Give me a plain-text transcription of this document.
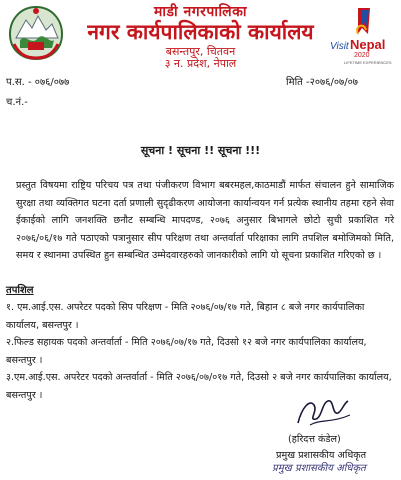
माडी नगरपालिका
नगर कार्यपालिकाको कार्यालय
बसन्तपुर, चितवन
३ न. प्रदेश, नेपाल
Visit Nepal
2020
LIFETIME EXPERIENCES
प.स. - ०७६/०७७	मिति -२०७६/०७/०७
च.नं.-
सूचना ! सूचना !! सूचना !!!
प्रस्तुत विषयमा राष्ट्रिय परिचय पत्र तथा पंजीकरण विभाग बबरमहल,काठमाडौं मार्फत संचालन हुने सामाजिक सुरक्षा तथा व्यक्तिगत घटना दर्ता प्रणाली सुदृढीकरण आयोजना कार्यान्वयन गर्न प्रत्येक स्थानीय तहमा रहने सेवा ईकाईको लागि जनशक्ति छनौट सम्बन्धि मापदण्ड, २०७६ अनुसार बिभागले छोटो सुची प्रकाशित गरे २०७६/०६/१७ गते पठाएको पत्रानुसार सीप परिक्षण तथा अन्तर्वार्ता परिक्षाका लागि तपशिल बमोजिमको मिति, समय र स्थानमा उपस्थित हुन सम्बन्धित उम्मेदवारहरुको जानकारीको लागि यो सूचना प्रकाशित गरिएको छ ।
तपशिल
१. एम.आई.एस. अपरेटर पदको सिप परिक्षण - मिति २०७६/०७/१७ गते, बिहान ८ बजे नगर कार्यपालिका कार्यालय, बसन्तपुर ।
२.फिल्ड सहायक पदको अन्तर्वार्ता - मिति २०७६/०७/१७ गते, दिउसो १२ बजे नगर कार्यपालिका कार्यालय, बसन्तपुर ।
३.एम.आई.एस. अपरेटर पदको अन्तर्वार्ता - मिति २०७६/०७/०१७ गते, दिउसो २ बजे नगर कार्यपालिका कार्यालय, बसन्तपुर ।
(हरिदत्त कंडेल)
प्रमुख प्रशासकीय अधिकृत
प्रमुख प्रशासकीय अधिकृत
